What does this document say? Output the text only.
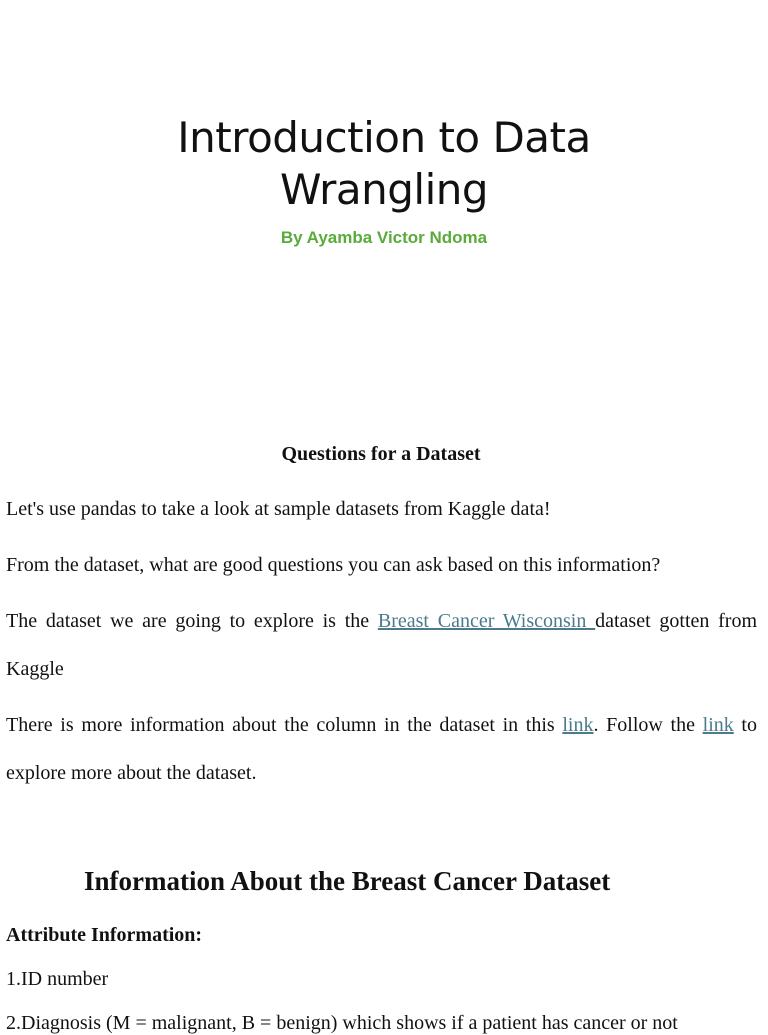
Introduction to Data
Wrangling
By Ayamba Victor Ndoma
Questions for a Dataset

Let's use pandas to take a look at sample datasets from Kaggle data!

From the dataset, what are good questions you can ask based on this information?

The dataset we are going to explore is the Breast Cancer Wisconsin dataset gotten from Kaggle

There is more information about the column in the dataset in this link. Follow the link to explore more about the dataset.

Information About the Breast Cancer Dataset
Attribute Information:
1.ID number
2.Diagnosis (M = malignant, B = benign) which shows if a patient has cancer or not
